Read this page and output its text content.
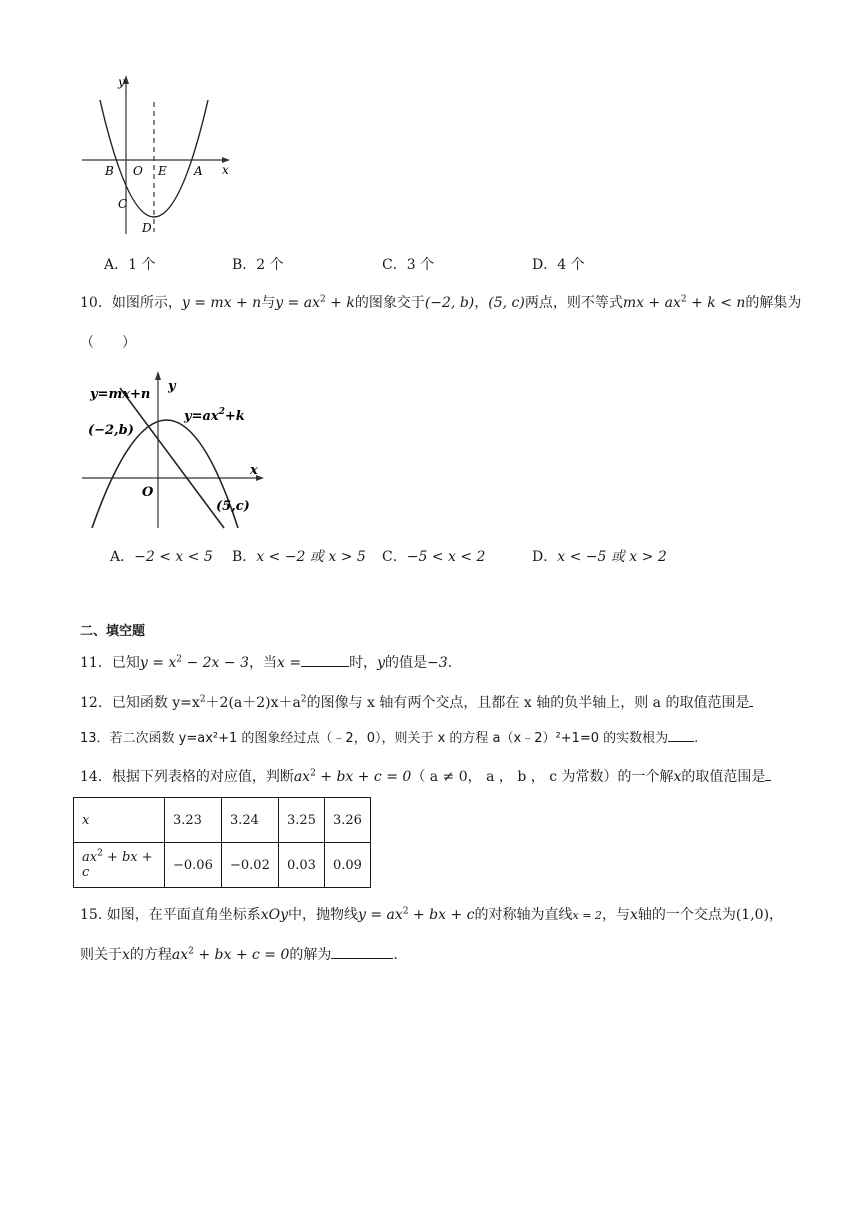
y
x
B O E A
C
D
A．1 个	B．2 个	C．3 个	D．4 个
10．如图所示，y = mx + n与$y = ax^2 + k$的图象交于(−2, b)，(5, c)两点，则不等式mx + $ax^2 + k < n$的解集为
（　　）
y=mx+n
y
$y=ax^2+k$
(−2,b)
x
O
(5,c)
A．−2 < x < 5 B．x < −2 或 x > 5 C．−5 < x < 2	D．x < −5 或 x > 2
二、填空题
11．已知$y = x^2 - 2x - 3$，当x =	时，y的值是−3.
12．已知函数 $y=x^2+2(a+2)x+a^2$的图像与 x 轴有两个交点，且都在 x 轴的负半轴上，则 a 的取值范围是
13．若二次函数 y=ax²+1 的图象经过点（﹣2，0），则关于 x 的方程 a（x﹣2）²+1=0 的实数根为 .
14．根据下列表格的对应值，判断$ax^2$ + bx + c = 0（ a ≠ 0， a ， b ， c 为常数）的一个解x的取值范围是
x	3.23	3.24	3.25	3.26
$ax^2$ + bx + c	−0.06	−0.02	0.03	0.09
15. 如图，在平面直角坐标系xOy中，抛物线$y = ax^2$ + bx + c的对称轴为直线x = 2，与x轴的一个交点为(1,0)，
则关于x的方程$ax^2$ + bx + c = 0的解为	.
